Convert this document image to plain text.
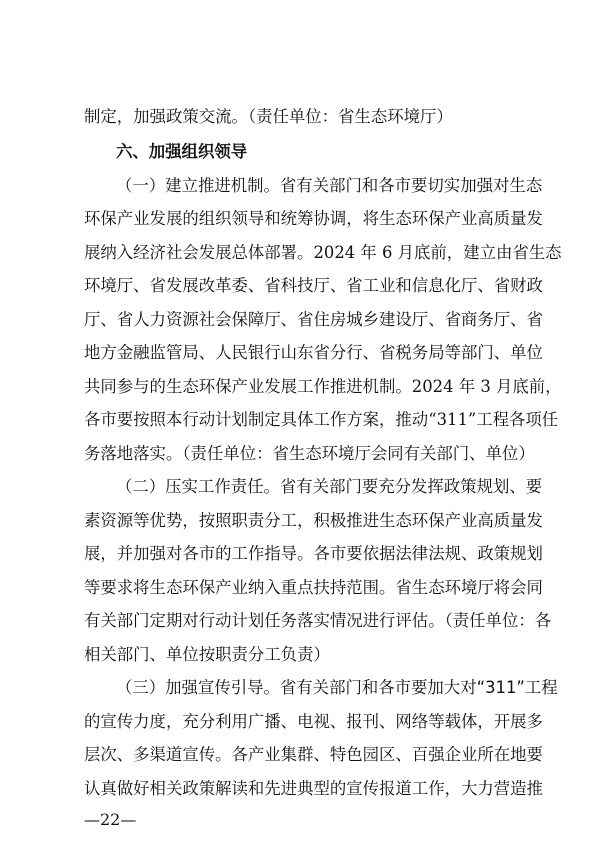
制定，加强政策交流。（责任单位：省生态环境厅）
六、加强组织领导
（一）建立推进机制。省有关部门和各市要切实加强对生态
环保产业发展的组织领导和统筹协调，将生态环保产业高质量发
展纳入经济社会发展总体部署。2024 年 6 月底前，建立由省生态
环境厅、省发展改革委、省科技厅、省工业和信息化厅、省财政
厅、省人力资源社会保障厅、省住房城乡建设厅、省商务厅、省
地方金融监管局、人民银行山东省分行、省税务局等部门、单位
共同参与的生态环保产业发展工作推进机制。2024 年 3 月底前，
各市要按照本行动计划制定具体工作方案，推动“311”工程各项任
务落地落实。（责任单位：省生态环境厅会同有关部门、单位）
（二）压实工作责任。省有关部门要充分发挥政策规划、要
素资源等优势，按照职责分工，积极推进生态环保产业高质量发
展，并加强对各市的工作指导。各市要依据法律法规、政策规划
等要求将生态环保产业纳入重点扶持范围。省生态环境厅将会同
有关部门定期对行动计划任务落实情况进行评估。（责任单位：各
相关部门、单位按职责分工负责）
（三）加强宣传引导。省有关部门和各市要加大对“311”工程
的宣传力度，充分利用广播、电视、报刊、网络等载体，开展多
层次、多渠道宣传。各产业集群、特色园区、百强企业所在地要
认真做好相关政策解读和先进典型的宣传报道工作，大力营造推
—22—
